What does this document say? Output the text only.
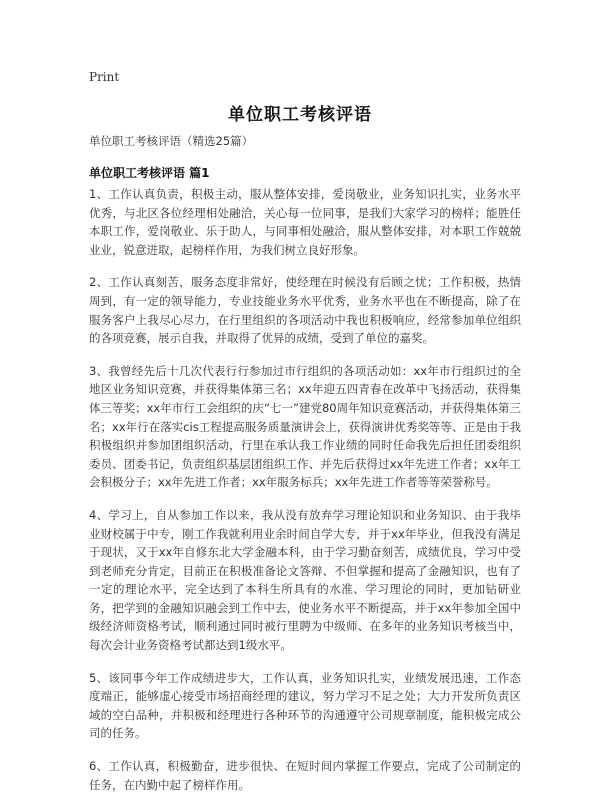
Print
单位职工考核评语
单位职工考核评语（精选25篇）
单位职工考核评语 篇1

1、工作认真负责，积极主动，服从整体安排，爱岗敬业，业务知识扎实，业务水平优秀，与北区各位经理相处融洽，关心每一位同事，是我们大家学习的榜样；能胜任本职工作，爱岗敬业、乐于助人，与同事相处融洽，服从整体安排，对本职工作兢兢业业，锐意进取，起榜样作用，为我们树立良好形象。

2、工作认真刻苦，服务态度非常好，使经理在时候没有后顾之忧；工作积极，热情周到，有一定的领导能力，专业技能业务水平优秀，业务水平也在不断提高，除了在服务客户上我尽心尽力，在行里组织的各项活动中我也积极响应，经常参加单位组织的各项竞赛，展示自我，并取得了优异的成绩，受到了单位的嘉奖。

3、我曾经先后十几次代表行行参加过市行组织的各项活动如：xx年市行组织过的全地区业务知识竞赛，并获得集体第三名；xx年迎五四青春在改革中飞扬活动，获得集体三等奖；xx年市行工会组织的庆“七一”建党80周年知识竞赛活动，并获得集体第三名；xx年行在落实cis工程提高服务质量演讲会上，获得演讲优秀奖等等、正是由于我积极组织并参加团组织活动，行里在承认我工作业绩的同时任命我先后担任团委组织委员、团委书记，负责组织基层团组织工作、并先后获得过xx年先进工作者；xx年工会积极分子；xx年先进工作者；xx年服务标兵；xx年先进工作者等等荣誉称号。

4、学习上，自从参加工作以来，我从没有放弃学习理论知识和业务知识、由于我毕业财校属于中专，刚工作我就利用业余时间自学大专，并于xx年毕业，但我没有满足于现状，又于xx年自修东北大学金融本科，由于学习勤奋刻苦，成绩优良，学习中受到老师充分肯定，目前正在积极准备论文答辩、不但掌握和提高了金融知识，也有了一定的理论水平，完全达到了本科生所具有的水准、学习理论的同时，更加钻研业务，把学到的金融知识融会到工作中去，使业务水平不断提高，并于xx年参加全国中级经济师资格考试，顺利通过同时被行里聘为中级师、在多年的业务知识考核当中，每次会计业务资格考试都达到1级水平。

5、该同事今年工作成绩进步大，工作认真，业务知识扎实，业绩发展迅速，工作态度端正，能够虚心接受市场招商经理的建议，努力学习不足之处；大力开发所负责区域的空白品种，并积极和经理进行各种环节的沟通遵守公司规章制度，能积极完成公司的任务。

6、工作认真，积极勤奋，进步很快、在短时间内掌握工作要点，完成了公司制定的任务，在内勤中起了榜样作用。
